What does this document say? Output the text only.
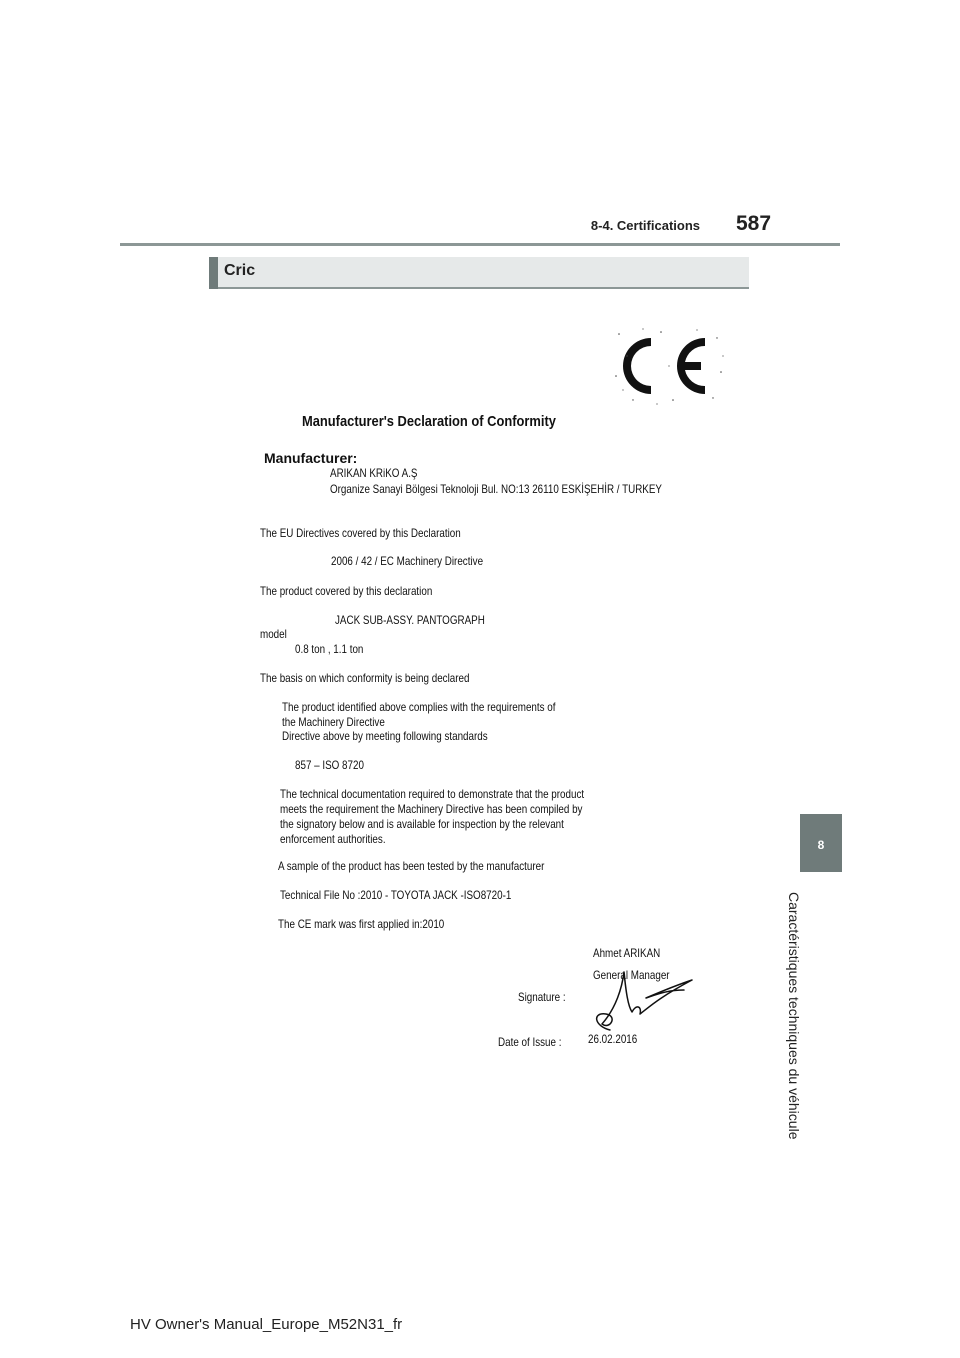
8-4. Certifications 587
Cric
8
Caractéristiques techniques du véhicule
Manufacturer's Declaration of Conformity
Manufacturer:
ARIKAN KRiKO A.Ş
Organize Sanayi Bölgesi Teknoloji Bul. NO:13 26110 ESKİŞEHİR / TURKEY
The EU Directives covered by this Declaration
2006 / 42 / EC Machinery Directive
The product covered by this declaration
JACK SUB-ASSY. PANTOGRAPH
model
0.8 ton , 1.1 ton
The basis on which conformity is being declared
The product identified above complies with the requirements of
the Machinery Directive
Directive above by meeting following standards
857 – ISO 8720
The technical documentation required to demonstrate that the product
meets the requirement the Machinery Directive has been compiled by
the signatory below and is available for inspection by the relevant
enforcement authorities.
A sample of the product has been tested by the manufacturer
Technical File No :2010 - TOYOTA JACK -ISO8720-1
The CE mark was first applied in:2010
Ahmet ARIKAN
General Manager
Signature :
Date of Issue : 26.02.2016
HV Owner's Manual_Europe_M52N31_fr
